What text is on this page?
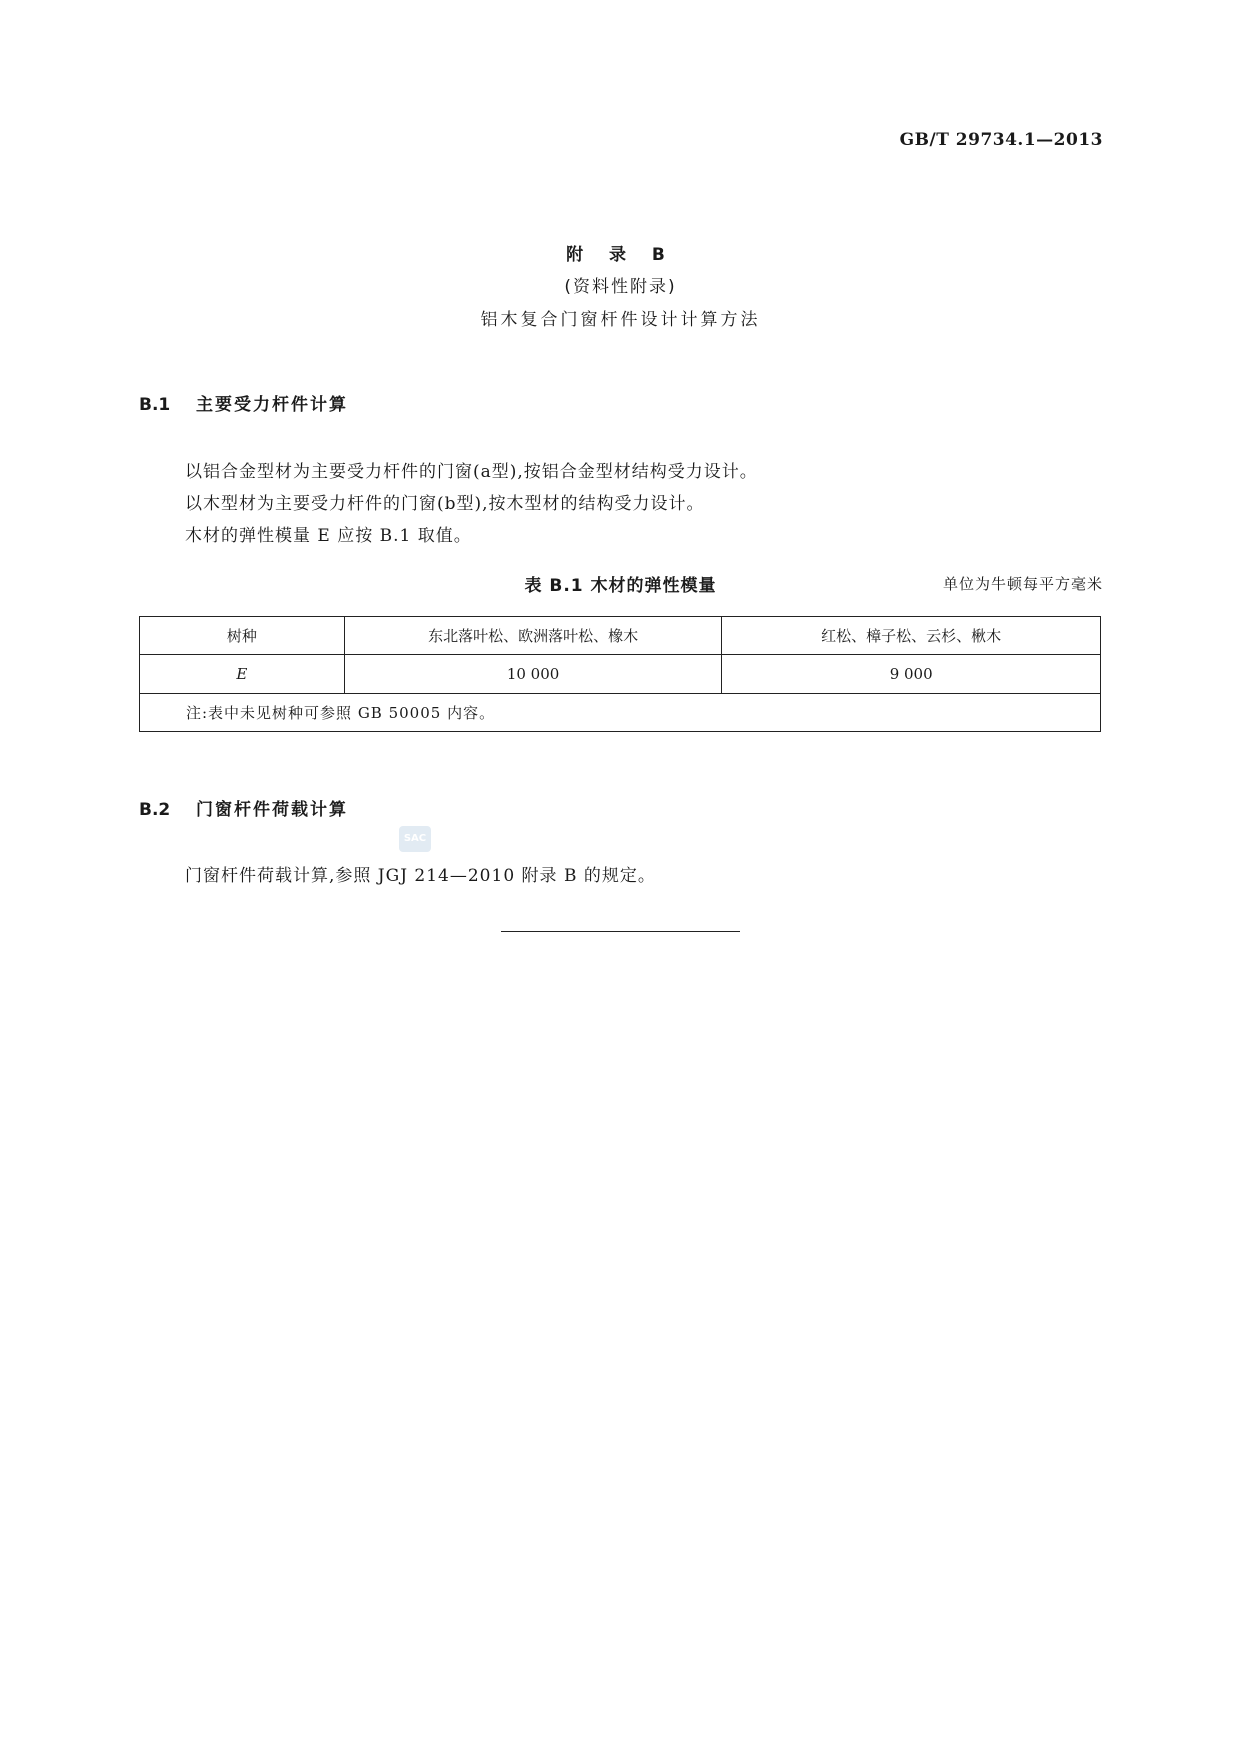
GB/T 29734.1—2013
附 录 B
(资料性附录)
铝木复合门窗杆件设计计算方法
B.1 主要受力杆件计算
以铝合金型材为主要受力杆件的门窗(a型),按铝合金型材结构受力设计。
以木型材为主要受力杆件的门窗(b型),按木型材的结构受力设计。
木材的弹性模量 E 应按 B.1 取值。
表 B.1 木材的弹性模量	单位为牛顿每平方毫米
树种	东北落叶松、欧洲落叶松、橡木	红松、樟子松、云杉、楸木
E	10 000	9 000
注:表中未见树种可参照 GB 50005 内容。		
B.2 门窗杆件荷载计算
SAC
门窗杆件荷载计算,参照 JGJ 214—2010 附录 B 的规定。
